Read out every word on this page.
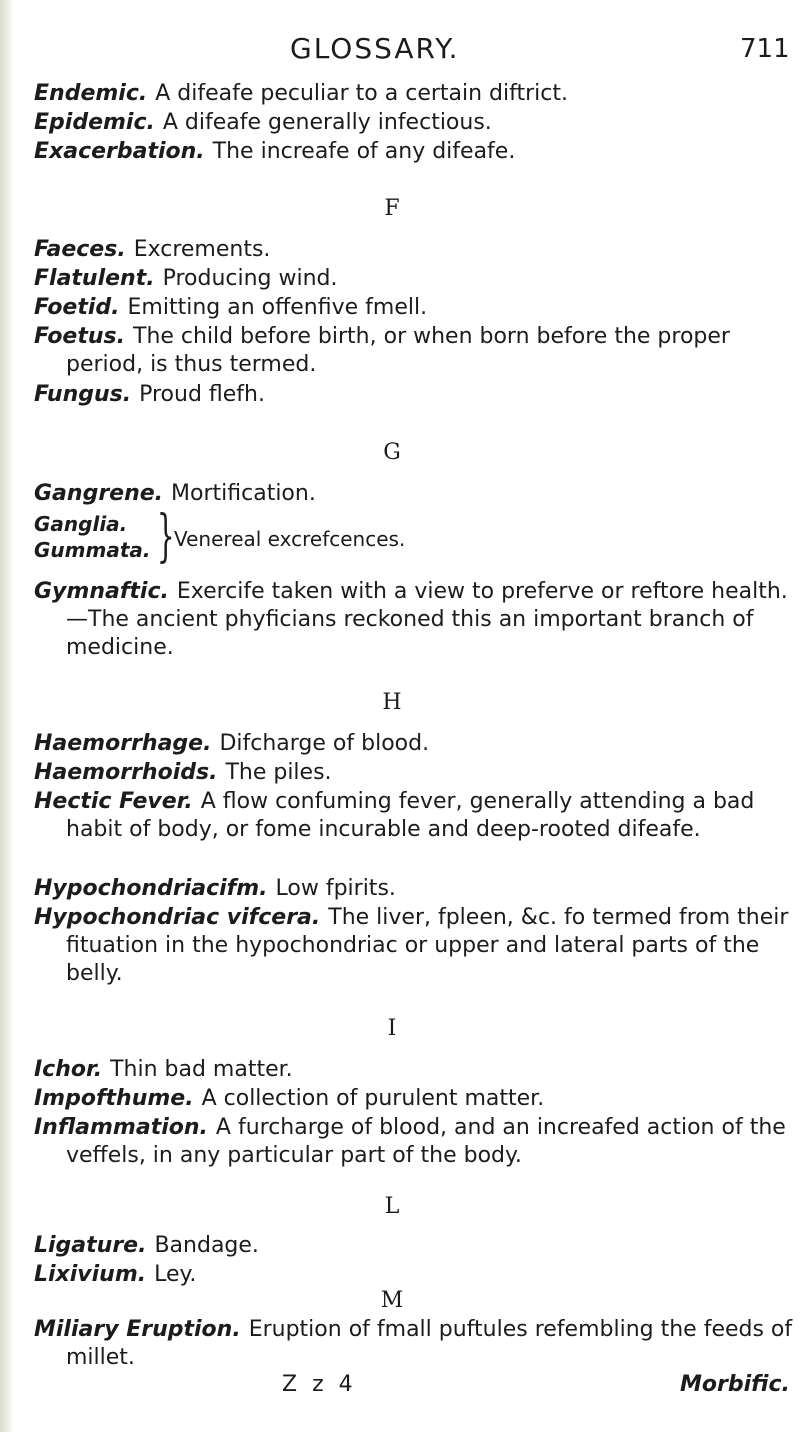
GLOSSARY.	711
Endemic. A difeafe peculiar to a certain diftrict.
Epidemic. A difeafe generally infectious.
Exacerbation. The increafe of any difeafe.
F
Faeces. Excrements.
Flatulent. Producing wind.
Foetid. Emitting an offenfive fmell.
Foetus. The child before birth, or when born before the proper period, is thus termed.
Fungus. Proud flefh.
G
Gangrene. Mortification.
Ganglia.
Gummata. } Venereal excrefcences.
Gymnaftic. Exercife taken with a view to preferve or reftore health.—The ancient phyficians reckoned this an important branch of medicine.
H
Haemorrhage. Difcharge of blood.
Haemorrhoids. The piles.
Hectic Fever. A flow confuming fever, generally attending a bad habit of body, or fome incurable and deep-rooted difeafe.
Hypochondriacifm. Low fpirits.
Hypochondriac vifcera. The liver, fpleen, &c. fo termed from their fituation in the hypochondriac or upper and lateral parts of the belly.
I
Ichor. Thin bad matter.
Impofthume. A collection of purulent matter.
Inflammation. A furcharge of blood, and an increafed action of the veffels, in any particular part of the body.
L
Ligature. Bandage.
Lixivium. Ley.
M
Miliary Eruption. Eruption of fmall puftules refembling the feeds of millet.
Z z 4	Morbific.
